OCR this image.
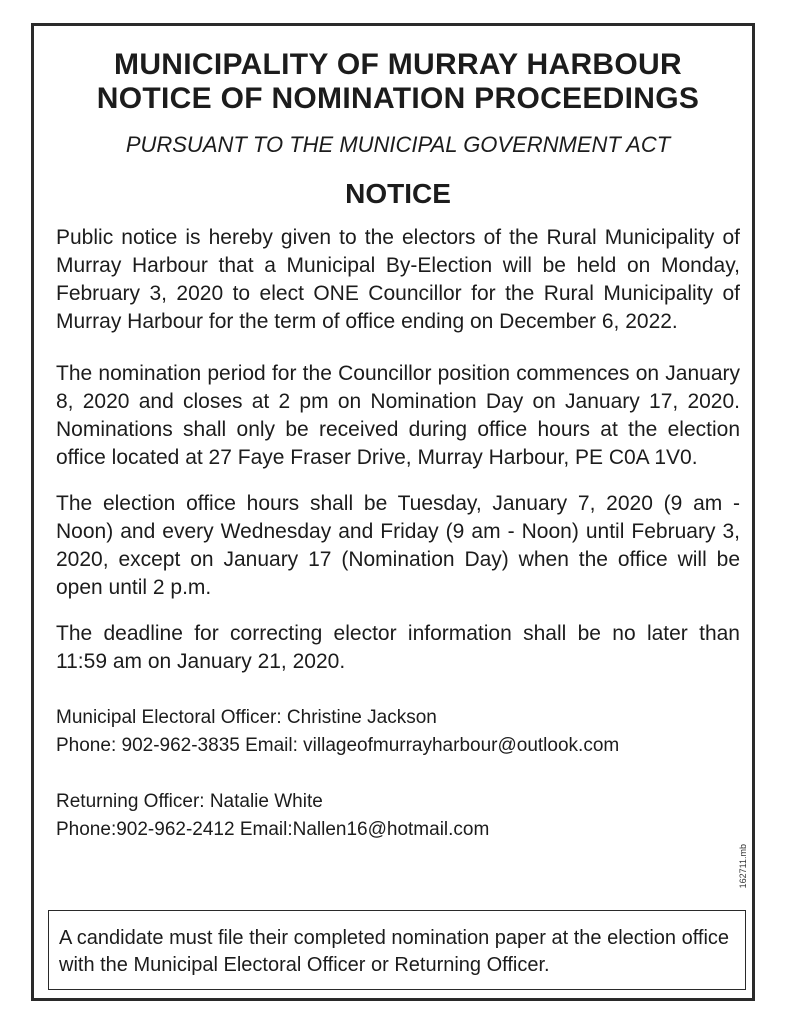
MUNICIPALITY OF MURRAY HARBOUR
NOTICE OF NOMINATION PROCEEDINGS
PURSUANT TO THE MUNICIPAL GOVERNMENT ACT
NOTICE

Public notice is hereby given to the electors of the Rural Municipality of Murray Harbour that a Municipal By-Election will be held on Monday, February 3, 2020 to elect ONE Councillor for the Rural Municipality of Murray Harbour for the term of office ending on December 6, 2022.

The nomination period for the Councillor position commences on January 8, 2020 and closes at 2 pm on Nomination Day on January 17, 2020. Nominations shall only be received during office hours at the election office located at 27 Faye Fraser Drive, Murray Harbour, PE C0A 1V0.

The election office hours shall be Tuesday, January 7, 2020 (9 am - Noon) and every Wednesday and Friday (9 am - Noon) until February 3, 2020, except on January 17 (Nomination Day) when the office will be open until 2 p.m.

The deadline for correcting elector information shall be no later than 11:59 am on January 21, 2020.

Municipal Electoral Officer: Christine Jackson
Phone: 902-962-3835 Email: villageofmurrayharbour@outlook.com
Returning Officer: Natalie White
Phone:902-962-2412 Email:Nallen16@hotmail.com
162711.mb
A candidate must file their completed nomination paper at the election office with the Municipal Electoral Officer or Returning Officer.
